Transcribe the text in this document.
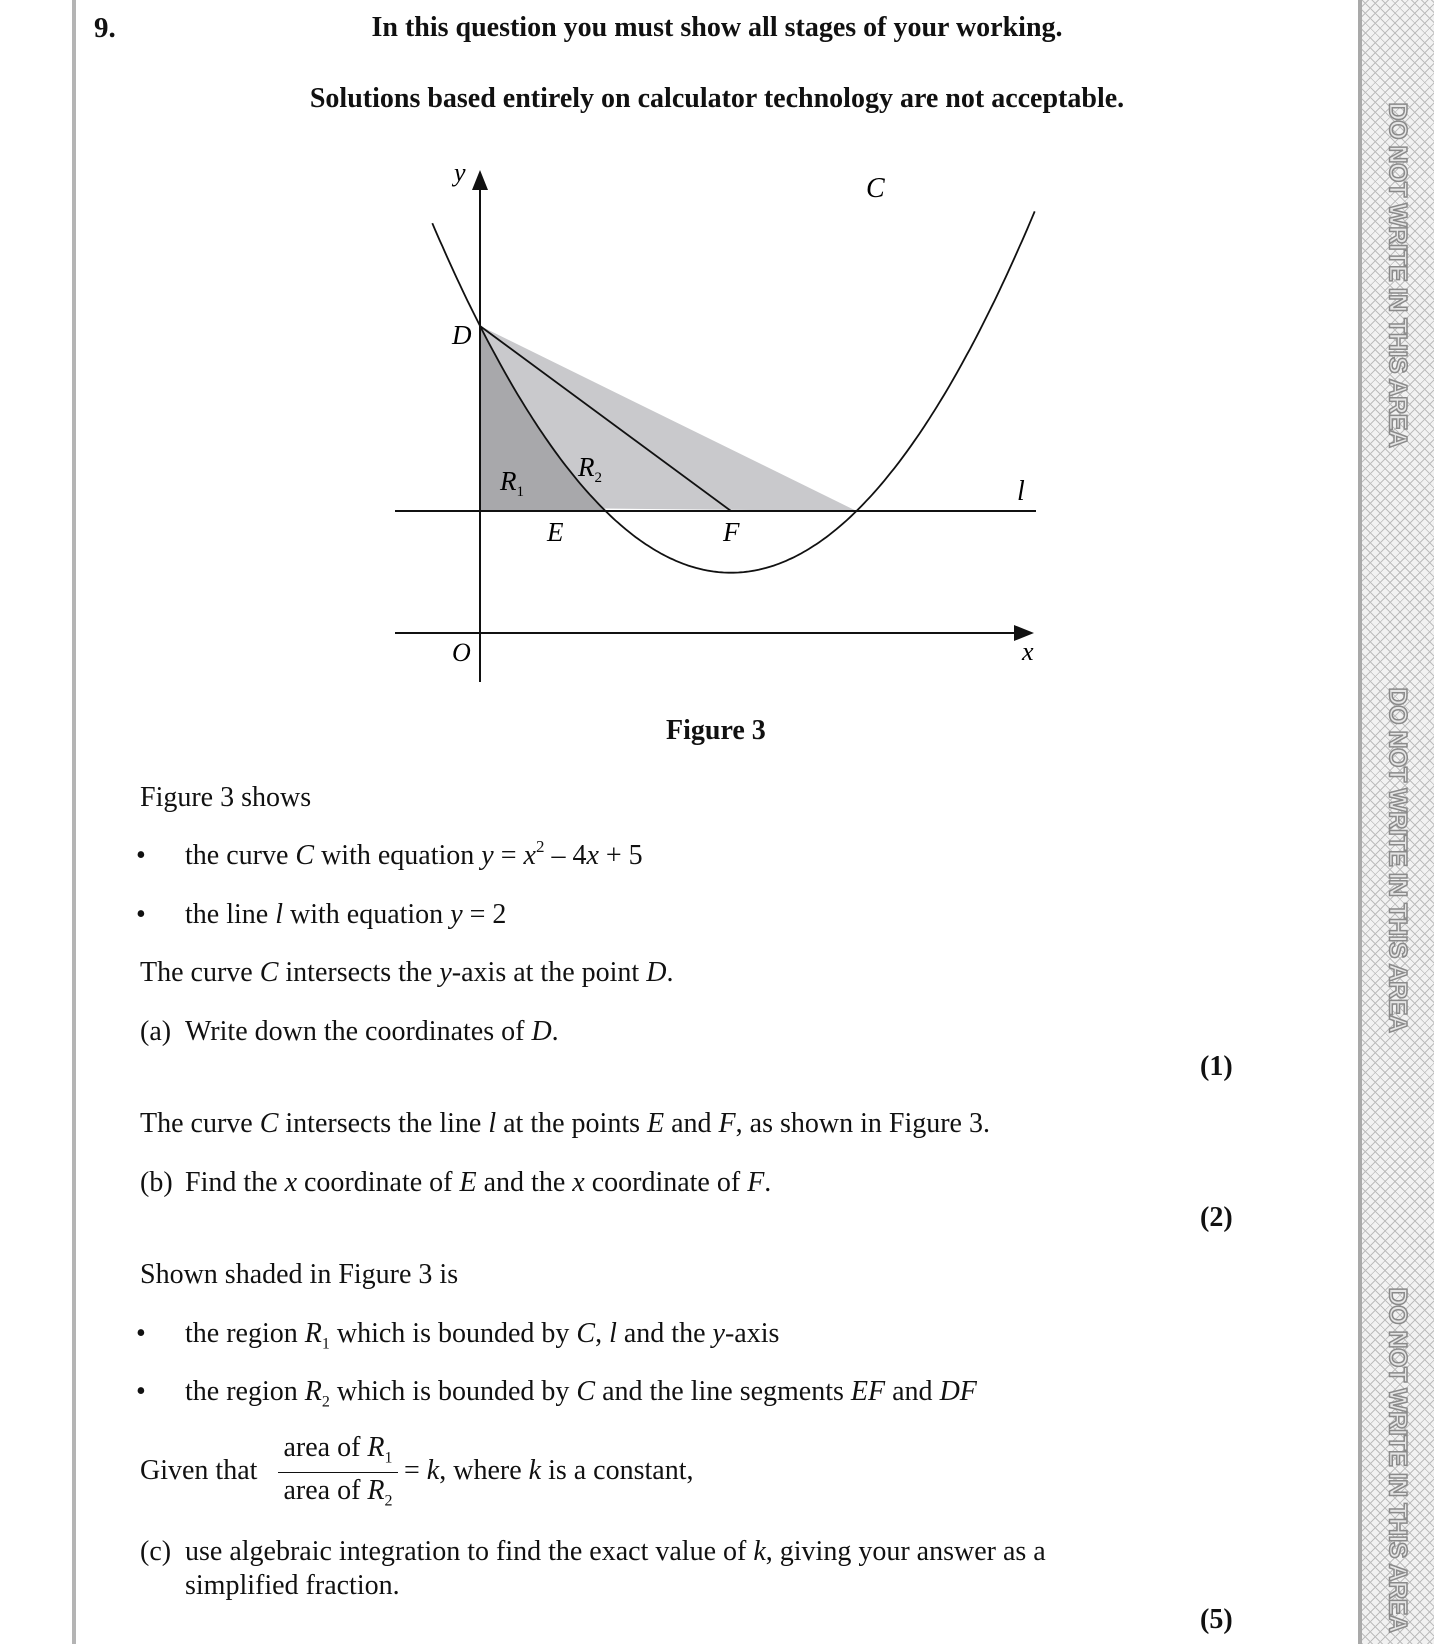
DO NOT WRITE IN THIS AREA
DO NOT WRITE IN THIS AREA
DO NOT WRITE IN THIS AREA
9.	In this question you must show all stages of your working.
Solutions based entirely on calculator technology are not acceptable.
y
x
O
C
l
D
E	F
$R_1$
$R_2$
Figure 3
Figure 3 shows
• the curve C with equation $y = x^2 - 4x + 5$
• the line l with equation y = 2
The curve C intersects the y-axis at the point D.
(a) Write down the coordinates of D.
(1)
The curve C intersects the line l at the points E and F, as shown in Figure 3.
(b) Find the x coordinate of E and the x coordinate of F.
(2)
Shown shaded in Figure 3 is
• the region $R_1$ which is bounded by C, l and the y-axis
• the region $R_2$ which is bounded by C and the line segments EF and DF
Given that
area of $R_1$
area of $R_2$
= k, where k is a constant,
(c) use algebraic integration to find the exact value of k, giving your answer as a
simplified fraction.
(5)
